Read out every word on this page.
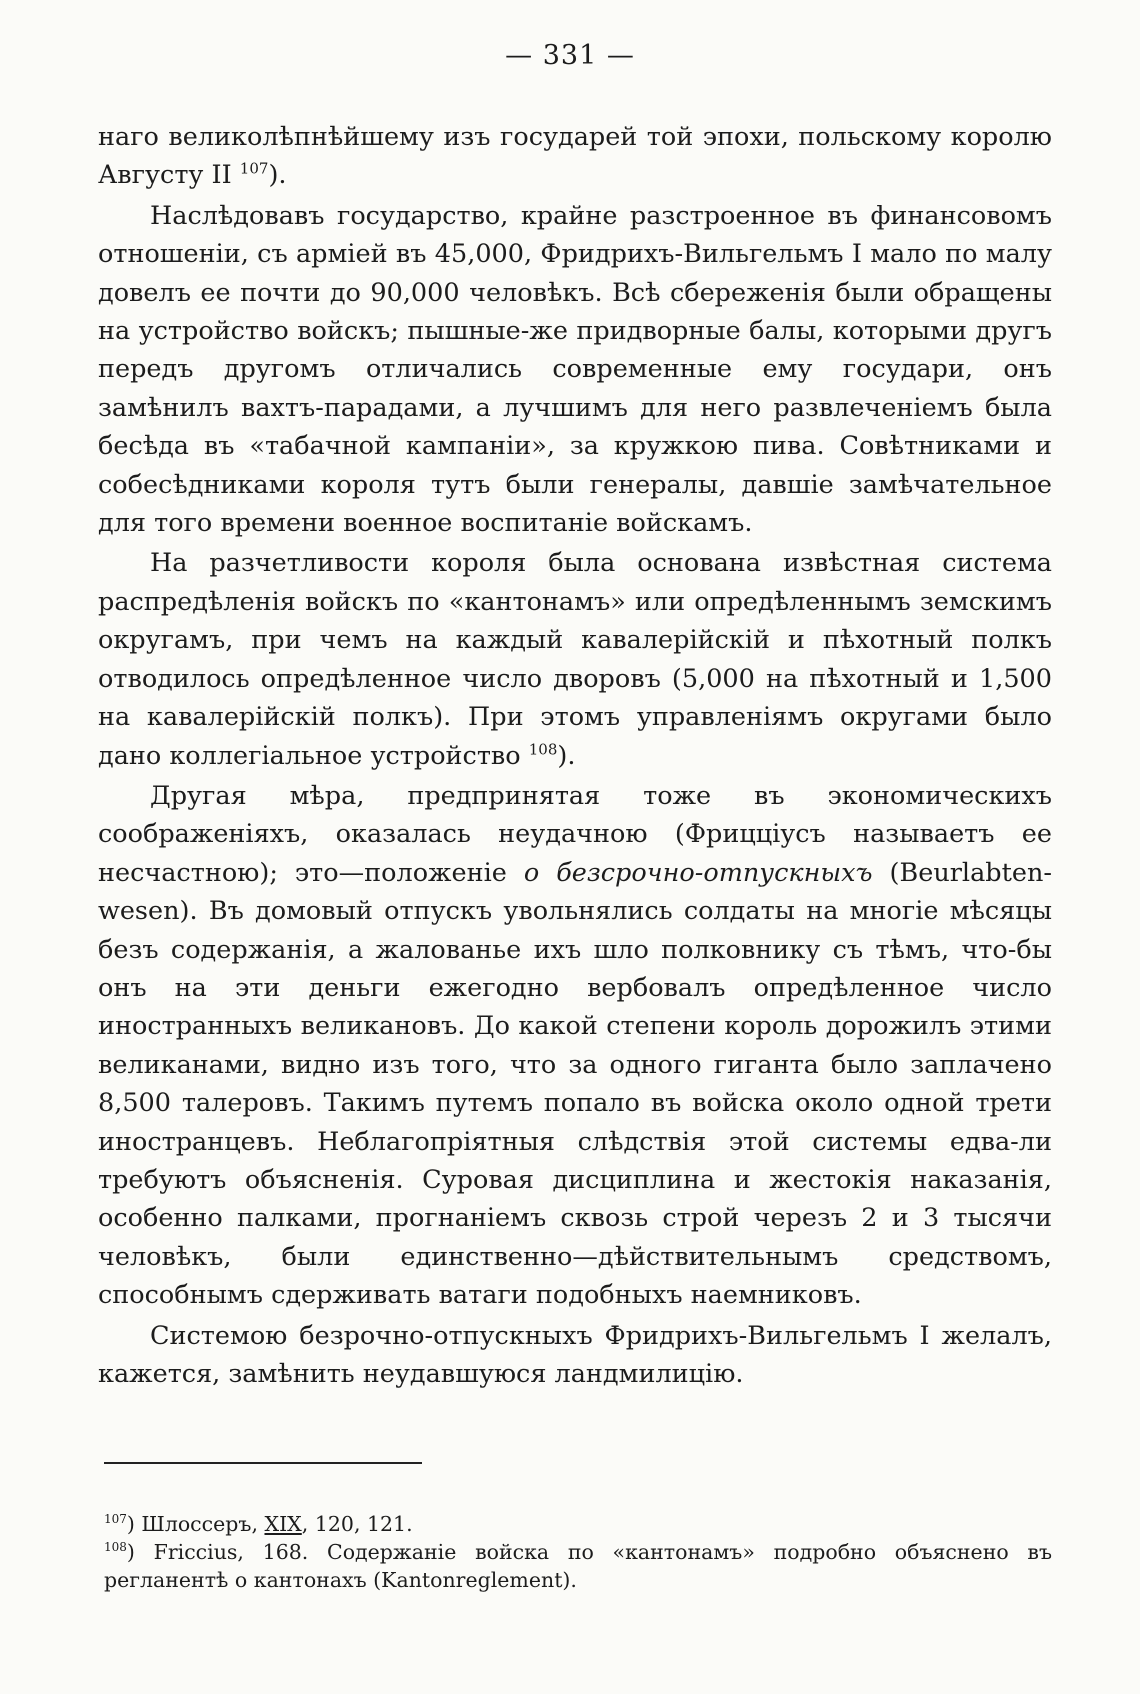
— 331 —

наго великолѣпнѣйшему изъ государей той эпохи, польскому королю Августу II $^{107}$).

Наслѣдовавъ государство, крайне разстроенное въ финансовомъ отношеніи, съ арміей въ 45,000, Фридрихъ-Вильгельмъ I мало по малу довелъ ее почти до 90,000 человѣкъ. Всѣ сбереженія были обращены на устройство войскъ; пышные-же придворные балы, которыми другъ передъ другомъ отличались современные ему государи, онъ замѣнилъ вахтъ-парадами, а лучшимъ для него развлеченіемъ была бесѣда въ «табачной кампаніи», за кружкою пива. Совѣтниками и собесѣдниками короля тутъ были генералы, давшіе замѣчательное для того времени военное воспитаніе войскамъ.

На разчетливости короля была основана извѣстная система распредѣленія войскъ по «кантонамъ» или опредѣленнымъ земскимъ округамъ, при чемъ на каждый кавалерійскій и пѣхотный полкъ отводилось опредѣленное число дворовъ (5,000 на пѣхотный и 1,500 на кавалерійскій полкъ). При этомъ управленіямъ округами было дано коллегіальное устройство $^{108}$).

Другая мѣра, предпринятая тоже въ экономическихъ соображеніяхъ, оказалась неудачною (Фрицціусъ называетъ ее несчастною); это—положеніе о безсрочно-отпускныхъ (Beurlabten-wesen). Въ домовый отпускъ увольнялись солдаты на многіе мѣсяцы безъ содержанія, а жалованье ихъ шло полковнику съ тѣмъ, что-бы онъ на эти деньги ежегодно вербовалъ опредѣленное число иностранныхъ великановъ. До какой степени король дорожилъ этими великанами, видно изъ того, что за одного гиганта было заплачено 8,500 талеровъ. Такимъ путемъ попало въ войска около одной трети иностранцевъ. Неблагопріятныя слѣдствія этой системы едва-ли требуютъ объясненія. Суровая дисциплина и жестокія наказанія, особенно палками, прогнаніемъ сквозь строй черезъ 2 и 3 тысячи человѣкъ, были единственно—дѣйствительнымъ средствомъ, способнымъ сдерживать ватаги подобныхъ наемниковъ.

Системою безрочно-отпускныхъ Фридрихъ-Вильгельмъ I желалъ, кажется, замѣнить неудавшуюся ландмилицію.

$^{107}$) Шлоссеръ, XIX, 120, 121.

$^{108}$) Friccius, 168. Содержаніе войска по «кантонамъ» подробно объяснено въ регланентѣ о кантонахъ (Kantonreglement).
